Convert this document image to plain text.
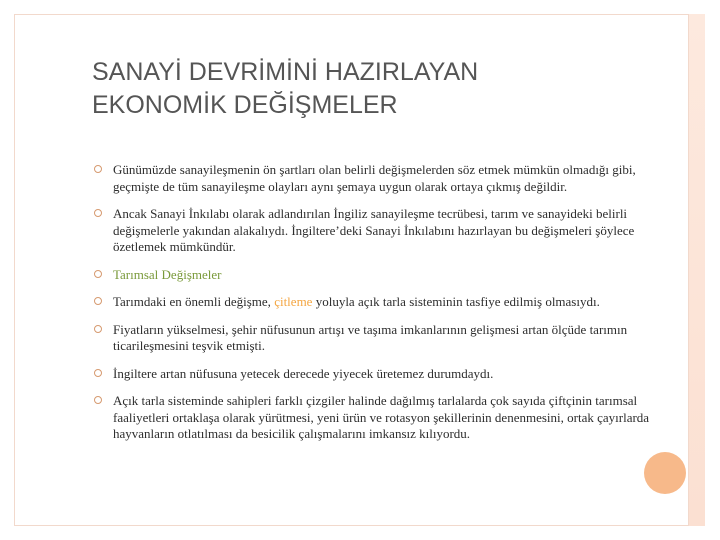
SANAYİ DEVRİMİNİ HAZIRLAYAN
EKONOMİK DEĞİŞMELER
Günümüzde sanayileşmenin ön şartları olan belirli değişmelerden söz etmek mümkün olmadığı gibi, geçmişte de tüm sanayileşme olayları aynı şemaya uygun olarak ortaya çıkmış değildir.
Ancak Sanayi İnkılabı olarak adlandırılan İngiliz sanayileşme tecrübesi, tarım ve sanayideki belirli değişmelerle yakından alakalıydı. İngiltere’deki Sanayi İnkılabını hazırlayan bu değişmeleri şöylece özetlemek mümkündür.
Tarımsal Değişmeler
Tarımdaki en önemli değişme, çitleme yoluyla açık tarla sisteminin tasfiye edilmiş olmasıydı.
Fiyatların yükselmesi, şehir nüfusunun artışı ve taşıma imkanlarının gelişmesi artan ölçüde tarımın ticarileşmesini teşvik etmişti.
İngiltere artan nüfusuna yetecek derecede yiyecek üretemez durumdaydı.
Açık tarla sisteminde sahipleri farklı çizgiler halinde dağılmış tarlalarda çok sayıda çiftçinin tarımsal faaliyetleri ortaklaşa olarak yürütmesi, yeni ürün ve rotasyon şekillerinin denenmesini, ortak çayırlarda hayvanların otlatılması da besicilik çalışmalarını imkansız kılıyordu.
